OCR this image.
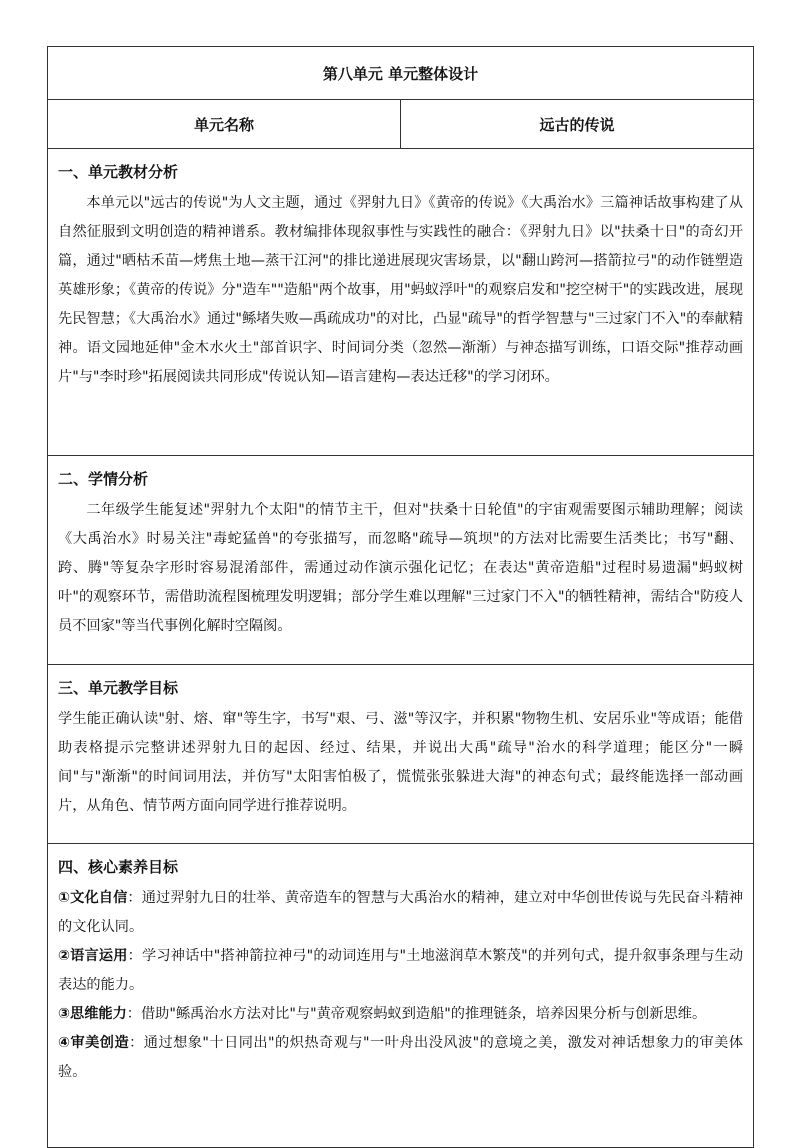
第八单元 单元整体设计
单元名称	远古的传说

一、单元教材分析

本单元以"远古的传说"为人文主题，通过《羿射九日》《黄帝的传说》《大禹治水》三篇神话故事构建了从自然征服到文明创造的精神谱系。教材编排体现叙事性与实践性的融合：《羿射九日》以"扶桑十日"的奇幻开篇，通过"晒枯禾苗—烤焦土地—蒸干江河"的排比递进展现灾害场景，以"翻山跨河—搭箭拉弓"的动作链塑造英雄形象；《黄帝的传说》分"造车""造船"两个故事，用"蚂蚁浮叶"的观察启发和"挖空树干"的实践改进，展现先民智慧；《大禹治水》通过"鲧堵失败—禹疏成功"的对比，凸显"疏导"的哲学智慧与"三过家门不入"的奉献精神。语文园地延伸"金木水火土"部首识字、时间词分类（忽然—渐渐）与神态描写训练，口语交际"推荐动画片"与"李时珍"拓展阅读共同形成"传说认知—语言建构—表达迁移"的学习闭环。

二、学情分析

二年级学生能复述"羿射九个太阳"的情节主干，但对"扶桑十日轮值"的宇宙观需要图示辅助理解；阅读《大禹治水》时易关注"毒蛇猛兽"的夸张描写，而忽略"疏导—筑坝"的方法对比需要生活类比；书写"翻、跨、腾"等复杂字形时容易混淆部件，需通过动作演示强化记忆；在表达"黄帝造船"过程时易遗漏"蚂蚁树叶"的观察环节，需借助流程图梳理发明逻辑；部分学生难以理解"三过家门不入"的牺牲精神，需结合"防疫人员不回家"等当代事例化解时空隔阂。

三、单元教学目标

学生能正确认读"射、熔、窜"等生字，书写"艰、弓、滋"等汉字，并积累"物物生机、安居乐业"等成语；能借助表格提示完整讲述羿射九日的起因、经过、结果，并说出大禹"疏导"治水的科学道理；能区分"一瞬间"与"渐渐"的时间词用法，并仿写"太阳害怕极了，慌慌张张躲进大海"的神态句式；最终能选择一部动画片，从角色、情节两方面向同学进行推荐说明。

四、核心素养目标

①文化自信：通过羿射九日的壮举、黄帝造车的智慧与大禹治水的精神，建立对中华创世传说与先民奋斗精神的文化认同。

②语言运用：学习神话中"搭神箭拉神弓"的动词连用与"土地滋润草木繁茂"的并列句式，提升叙事条理与生动表达的能力。

③思维能力：借助"鲧禹治水方法对比"与"黄帝观察蚂蚁到造船"的推理链条，培养因果分析与创新思维。

④审美创造：通过想象"十日同出"的炽热奇观与"一叶舟出没风波"的意境之美，激发对神话想象力的审美体验。
